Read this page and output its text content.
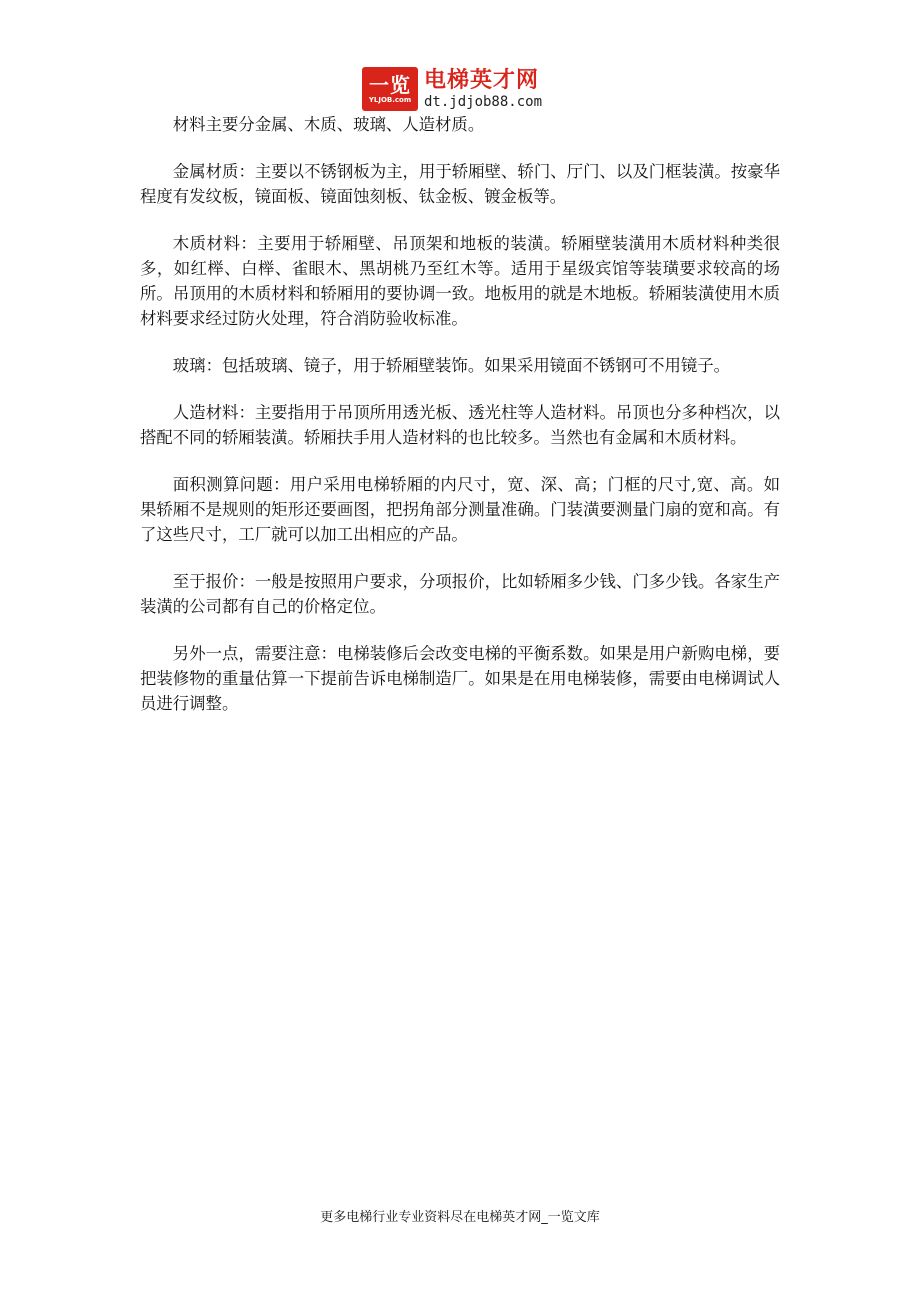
一览
YLJOB.com
电梯英才网
dt.jdjob88.com

材料主要分金属、木质、玻璃、人造材质。

金属材质：主要以不锈钢板为主，用于轿厢壁、轿门、厅门、以及门框装潢。按豪华程度有发纹板，镜面板、镜面蚀刻板、钛金板、镀金板等。

木质材料：主要用于轿厢壁、吊顶架和地板的装潢。轿厢壁装潢用木质材料种类很多，如红榉、白榉、雀眼木、黑胡桃乃至红木等。适用于星级宾馆等装璜要求较高的场所。吊顶用的木质材料和轿厢用的要协调一致。地板用的就是木地板。轿厢装潢使用木质材料要求经过防火处理，符合消防验收标准。

玻璃：包括玻璃、镜子，用于轿厢壁装饰。如果采用镜面不锈钢可不用镜子。

人造材料：主要指用于吊顶所用透光板、透光柱等人造材料。吊顶也分多种档次，以搭配不同的轿厢装潢。轿厢扶手用人造材料的也比较多。当然也有金属和木质材料。

面积测算问题：用户采用电梯轿厢的内尺寸，宽、深、高；门框的尺寸,宽、高。如果轿厢不是规则的矩形还要画图，把拐角部分测量准确。门装潢要测量门扇的宽和高。有了这些尺寸，工厂就可以加工出相应的产品。

至于报价：一般是按照用户要求，分项报价，比如轿厢多少钱、门多少钱。各家生产装潢的公司都有自己的价格定位。

另外一点，需要注意：电梯装修后会改变电梯的平衡系数。如果是用户新购电梯，要把装修物的重量估算一下提前告诉电梯制造厂。如果是在用电梯装修，需要由电梯调试人员进行调整。

更多电梯行业专业资料尽在电梯英才网_一览文库
